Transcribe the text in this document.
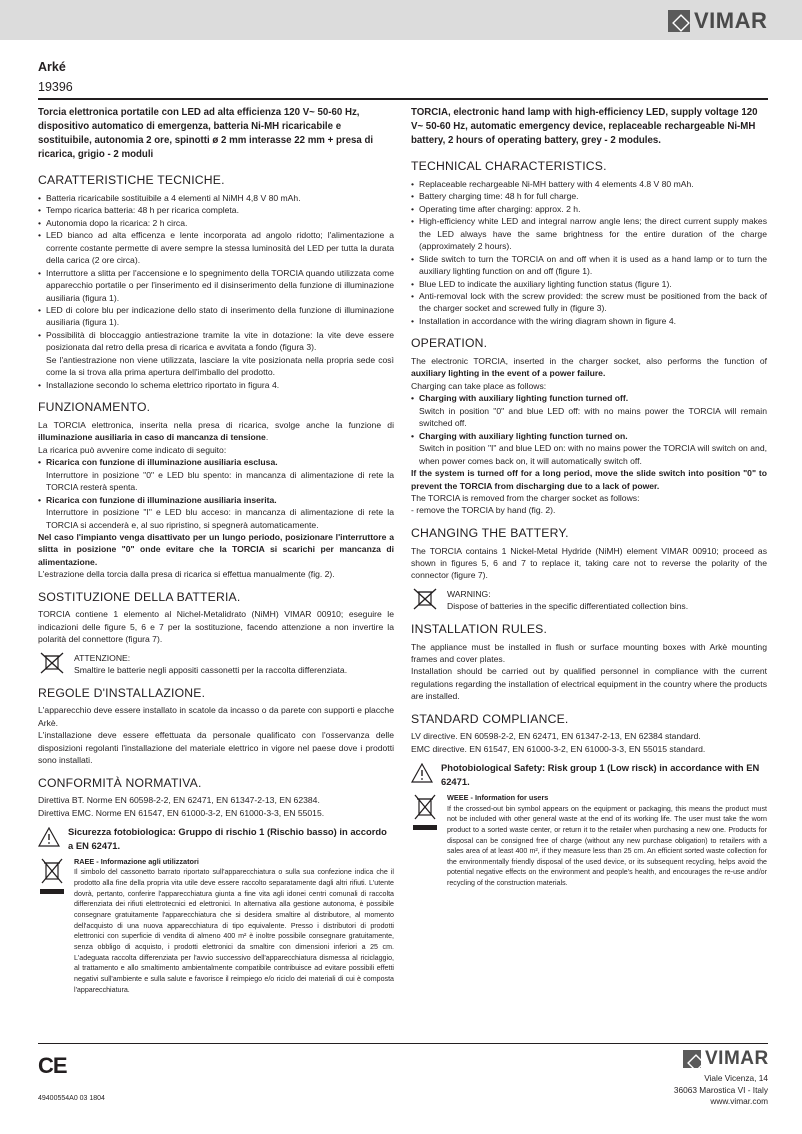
VIMAR
Arké
19396
Torcia elettronica portatile con LED ad alta efficienza 120 V~ 50-60 Hz, dispositivo automatico di emergenza, batteria Ni-MH ricaricabile e sostituibile, autonomia 2 ore, spinotti ø 2 mm interasse 22 mm + presa di ricarica, grigio - 2 moduli
CARATTERISTICHE TECNICHE.
• Batteria ricaricabile sostituibile a 4 elementi al NiMH 4,8 V 80 mAh.
• Tempo ricarica batteria: 48 h per ricarica completa.
• Autonomia dopo la ricarica: 2 h circa.
• LED bianco ad alta efficenza e lente incorporata ad angolo ridotto; l'alimentazione a corrente costante permette di avere sempre la stessa luminosità del LED per tutta la durata della carica (2 ore circa).
• Interruttore a slitta per l'accensione e lo spegnimento della TORCIA quando utilizzata come apparecchio portatile o per l'inserimento ed il disinserimento della funzione di illuminazione ausiliaria (figura 1).
• LED di colore blu per indicazione dello stato di inserimento della funzione di illuminazione ausiliaria (figura 1).
• Possibilità di bloccaggio antiestrazione tramite la vite in dotazione: la vite deve essere posizionata dal retro della presa di ricarica e avvitata a fondo (figura 3).
Se l'antiestrazione non viene utilizzata, lasciare la vite posizionata nella propria sede così come la si trova alla prima apertura dell'imballo del prodotto.
• Installazione secondo lo schema elettrico riportato in figura 4.
FUNZIONAMENTO.

La TORCIA elettronica, inserita nella presa di ricarica, svolge anche la funzione di illuminazione ausiliaria in caso di mancanza di tensione.

La ricarica può avvenire come indicato di seguito:

• Ricarica con funzione di illuminazione ausiliaria esclusa.
Interruttore in posizione "0" e LED blu spento: in mancanza di alimentazione di rete la TORCIA resterà spenta.
• Ricarica con funzione di illuminazione ausiliaria inserita.
Interruttore in posizione "I" e LED blu acceso: in mancanza di alimentazione di rete la TORCIA si accenderà e, al suo ripristino, si spegnerà automaticamente.

Nel caso l'impianto venga disattivato per un lungo periodo, posizionare l'interruttore a slitta in posizione "0" onde evitare che la TORCIA si scarichi per mancanza di alimentazione.

L'estrazione della torcia dalla presa di ricarica si effettua manualmente (fig. 2).

SOSTITUZIONE DELLA BATTERIA.

TORCIA contiene 1 elemento al Nichel-Metalidrato (NiMH) VIMAR 00910; eseguire le indicazioni delle figure 5, 6 e 7 per la sostituzione, facendo attenzione a non invertire la polarità del connettore (figura 7).

ATTENZIONE:
Smaltire le batterie negli appositi cassonetti per la raccolta differenziata.
REGOLE D'INSTALLAZIONE.

L'apparecchio deve essere installato in scatole da incasso o da parete con supporti e placche Arkè.

L'installazione deve essere effettuata da personale qualificato con l'osservanza delle disposizioni regolanti l'installazione del materiale elettrico in vigore nel paese dove i prodotti sono installati.

CONFORMITÀ NORMATIVA.
Direttiva BT. Norme EN 60598-2-2, EN 62471, EN 61347-2-13, EN 62384.
Direttiva EMC. Norme EN 61547, EN 61000-3-2, EN 61000-3-3, EN 55015.
Sicurezza fotobiologica: Gruppo di rischio 1 (Rischio basso) in accordo a EN 62471.
RAEE - Informazione agli utilizzatori
Il simbolo del cassonetto barrato riportato sull'apparecchiatura o sulla sua confezione indica che il prodotto alla fine della propria vita utile deve essere raccolto separatamente dagli altri rifiuti. L'utente dovrà, pertanto, conferire l'apparecchiatura giunta a fine vita agli idonei centri comunali di raccolta differenziata dei rifiuti elettrotecnici ed elettronici. In alternativa alla gestione autonoma, è possibile consegnare gratuitamente l'apparecchiatura che si desidera smaltire al distributore, al momento dell'acquisto di una nuova apparecchiatura di tipo equivalente. Presso i distributori di prodotti elettronici con superficie di vendita di almeno 400 m² è inoltre possibile consegnare gratuitamente, senza obbligo di acquisto, i prodotti elettronici da smaltire con dimensioni inferiori a 25 cm. L'adeguata raccolta differenziata per l'avvio successivo dell'apparecchiatura dismessa al riciclaggio, al trattamento e allo smaltimento ambientalmente compatibile contribuisce ad evitare possibili effetti negativi sull'ambiente e sulla salute e favorisce il reimpiego e/o riciclo dei materiali di cui è composta l'apparecchiatura.
TORCIA, electronic hand lamp with high-efficiency LED, supply voltage 120 V~ 50-60 Hz, automatic emergency device, replaceable rechargeable Ni-MH battery, 2 hours of operating battery, grey - 2 modules.
TECHNICAL CHARACTERISTICS.
• Replaceable rechargeable Ni-MH battery with 4 elements 4.8 V 80 mAh.
• Battery charging time: 48 h for full charge.
• Operating time after charging: approx. 2 h.
• High-efficiency white LED and integral narrow angle lens; the direct current supply makes the LED always have the same brightness for the entire duration of the charge (approximately 2 hours).
• Slide switch to turn the TORCIA on and off when it is used as a hand lamp or to turn the auxiliary lighting function on and off (figure 1).
• Blue LED to indicate the auxiliary lighting function status (figure 1).
• Anti-removal lock with the screw provided: the screw must be positioned from the back of the charger socket and screwed fully in (figure 3).
• Installation in accordance with the wiring diagram shown in figure 4.
OPERATION.

The electronic TORCIA, inserted in the charger socket, also performs the function of auxiliary lighting in the event of a power failure.

Charging can take place as follows:

• Charging with auxiliary lighting function turned off.
Switch in position "0" and blue LED off: with no mains power the TORCIA will remain switched off.
• Charging with auxiliary lighting function turned on.
Switch in position "I" and blue LED on: with no mains power the TORCIA will switch on and, when power comes back on, it will automatically switch off.

If the system is turned off for a long period, move the slide switch into position "0" to prevent the TORCIA from discharging due to a lack of power.

The TORCIA is removed from the charger socket as follows:

- remove the TORCIA by hand (fig. 2).

CHANGING THE BATTERY.

The TORCIA contains 1 Nickel-Metal Hydride (NiMH) element VIMAR 00910; proceed as shown in figures 5, 6 and 7 to replace it, taking care not to reverse the polarity of the connector (figure 7).

WARNING:
Dispose of batteries in the specific differentiated collection bins.
INSTALLATION RULES.

The appliance must be installed in flush or surface mounting boxes with Arkè mounting frames and cover plates.

Installation should be carried out by qualified personnel in compliance with the current regulations regarding the installation of electrical equipment in the country where the products are installed.

STANDARD COMPLIANCE.
LV directive. EN 60598-2-2, EN 62471, EN 61347-2-13, EN 62384 standard.
EMC directive. EN 61547, EN 61000-3-2, EN 61000-3-3, EN 55015 standard.
Photobiological Safety: Risk group 1 (Low risck) in accordance with EN 62471.
WEEE - Information for users
If the crossed-out bin symbol appears on the equipment or packaging, this means the product must not be included with other general waste at the end of its working life. The user must take the worn product to a sorted waste center, or return it to the retailer when purchasing a new one. Products for disposal can be consigned free of charge (without any new purchase obligation) to retailers with a sales area of at least 400 m², if they measure less than 25 cm. An efficient sorted waste collection for the environmentally friendly disposal of the used device, or its subsequent recycling, helps avoid the potential negative effects on the environment and people's health, and encourages the re-use and/or recycling of the construction materials.
CE
49400554A0 03 1804
VIMAR
Viale Vicenza, 14
36063 Marostica VI - Italy
www.vimar.com
